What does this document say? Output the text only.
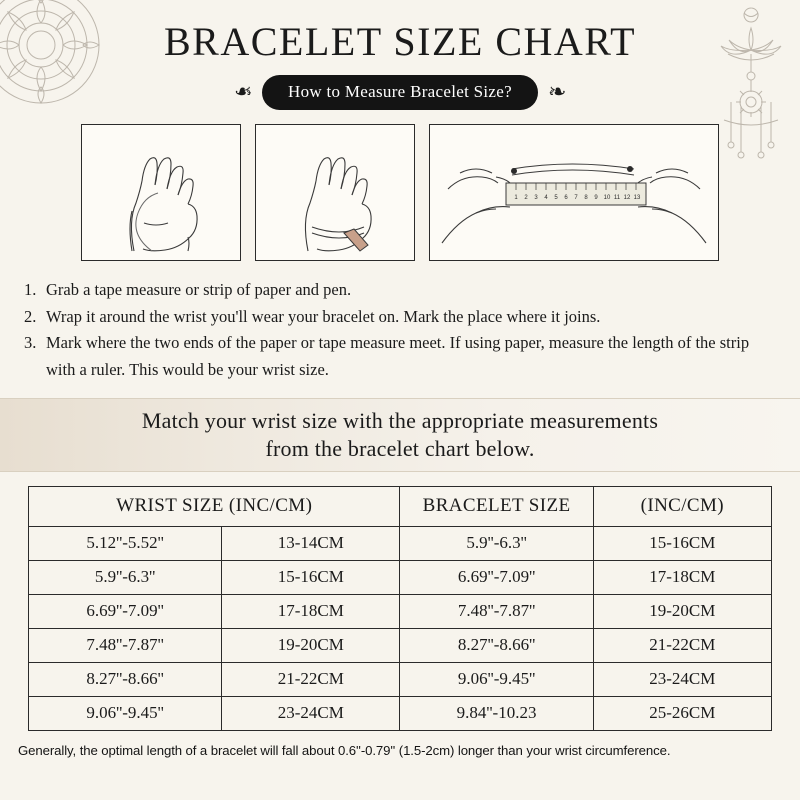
BRACELET SIZE CHART
❧	How to Measure Bracelet Size?	❧
1 2 3 4 5 6 7 8 9 10 11 12 13
1. Grab a tape measure or strip of paper and pen.
2. Wrap it around the wrist you'll wear your bracelet on. Mark the place where it joins.
3. Mark where the two ends of the paper or tape measure meet. If using paper, measure the length of the strip with a ruler. This would be your wrist size.
Match your wrist size with the appropriate measurements
from the bracelet chart below.
WRIST SIZE (INC/CM)		BRACELET SIZE	(INC/CM)
5.12''-5.52''	13-14CM	5.9''-6.3''	15-16CM
5.9''-6.3''	15-16CM	6.69''-7.09''	17-18CM
6.69''-7.09''	17-18CM	7.48''-7.87''	19-20CM
7.48''-7.87''	19-20CM	8.27''-8.66''	21-22CM
8.27''-8.66''	21-22CM	9.06''-9.45''	23-24CM
9.06''-9.45''	23-24CM	9.84''-10.23	25-26CM
Generally, the optimal length of a bracelet will fall about 0.6''-0.79'' (1.5-2cm) longer than your wrist circumference.
